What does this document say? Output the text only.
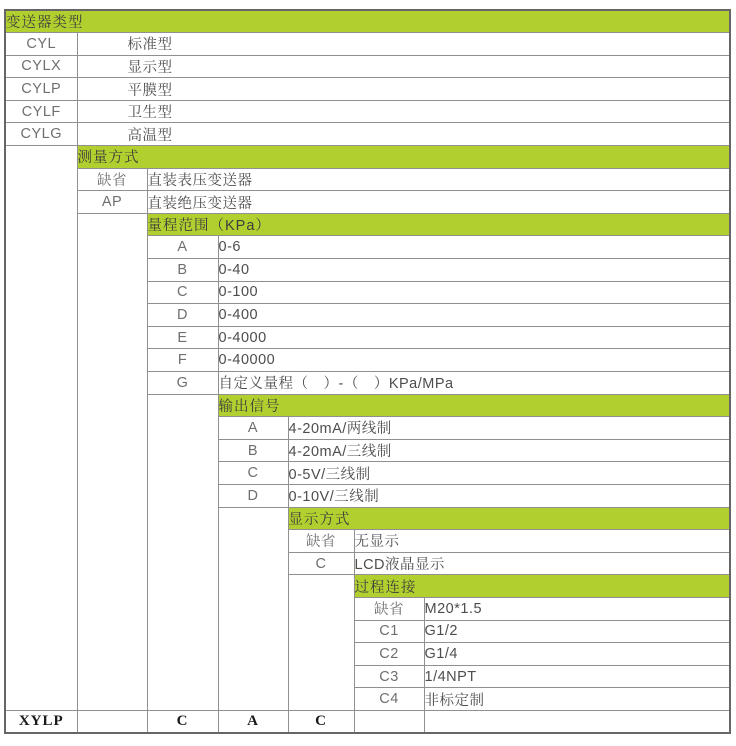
变送器类型						
CYL	标准型					
CYLX	显示型					
CYLP	平膜型					
CYLF	卫生型					
CYLG	高温型					
	测量方式					
	缺省	直装表压变送器				
	AP	直装绝压变送器				
		量程范围（KPa）				
		A	0-6			
		B	0-40			
		C	0-100			
		D	0-400			
		E	0-4000			
		F	0-40000			
		G	自定义量程（　）-（　）KPa/MPa			
			输出信号			
			A	4-20mA/两线制		
			B	4-20mA/三线制		
			C	0-5V/三线制		
			D	0-10V/三线制		
				显示方式		
				缺省	无显示	
				C	LCD液晶显示	
					过程连接	
					缺省	M20*1.5
					C1	G1/2
					C2	G1/4
					C3	1/4NPT
					C4	非标定制
XYLP		C	A	C		
